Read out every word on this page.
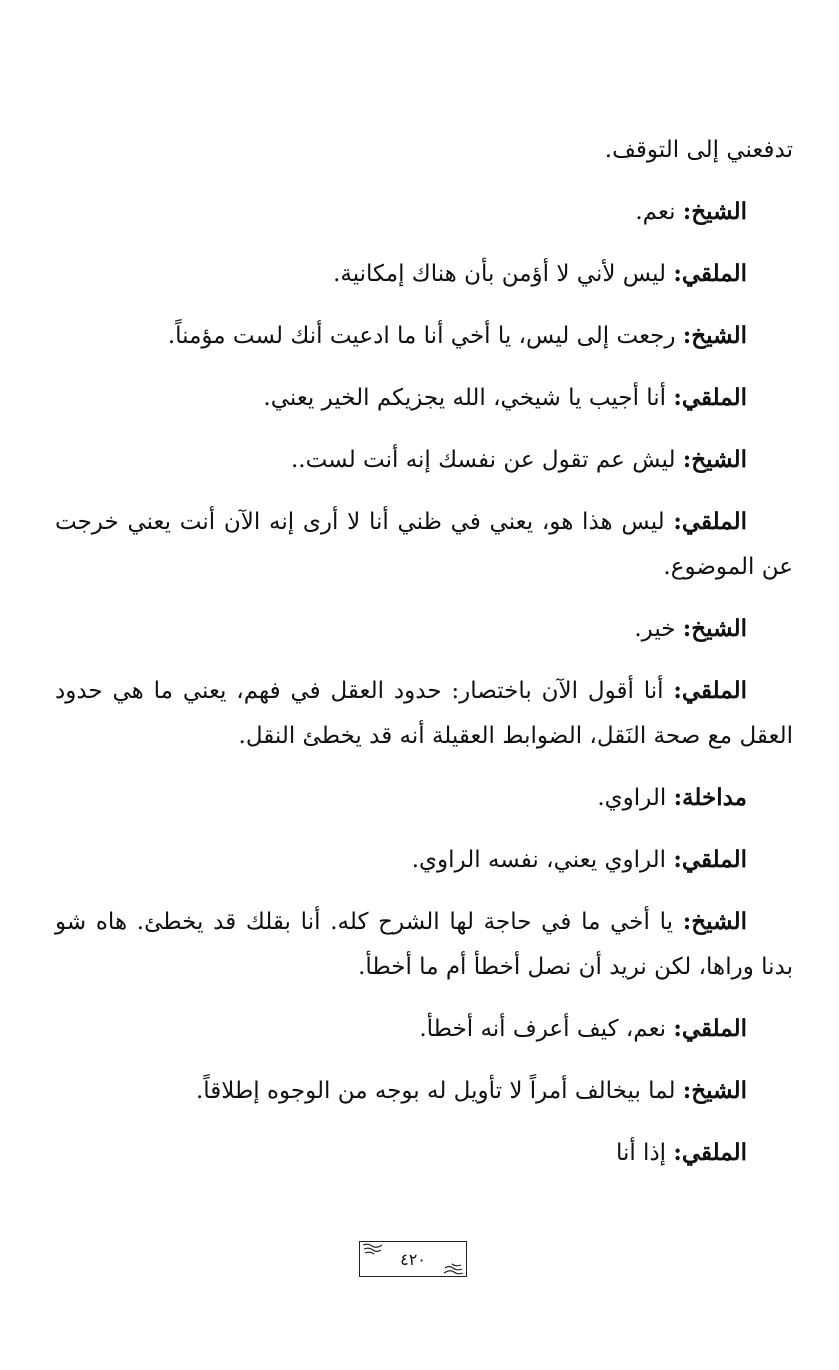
تدفعني إلى التوقف.

الشيخ: نعم.

الملقي: ليس لأني لا أؤمن بأن هناك إمكانية.

الشيخ: رجعت إلى ليس، يا أخي أنا ما ادعيت أنك لست مؤمناً.

الملقي: أنا أجيب يا شيخي، الله يجزيكم الخير يعني.

الشيخ: ليش عم تقول عن نفسك إنه أنت لست..

الملقي: ليس هذا هو، يعني في ظني أنا لا أرى إنه الآن أنت يعني خرجت عن الموضوع.

الشيخ: خير.

الملقي: أنا أقول الآن باختصار: حدود العقل في فهم، يعني ما هي حدود العقل مع صحة النَقل، الضوابط العقيلة أنه قد يخطئ النقل.

مداخلة: الراوي.

الملقي: الراوي يعني، نفسه الراوي.

الشيخ: يا أخي ما في حاجة لها الشرح كله. أنا بقلك قد يخطئ. هاه شو بدنا وراها، لكن نريد أن نصل أخطأ أم ما أخطأ.

الملقي: نعم، كيف أعرف أنه أخطأ.

الشيخ: لما بيخالف أمراً لا تأويل له بوجه من الوجوه إطلاقاً.

الملقي: إذا أنا

٤٢٠
